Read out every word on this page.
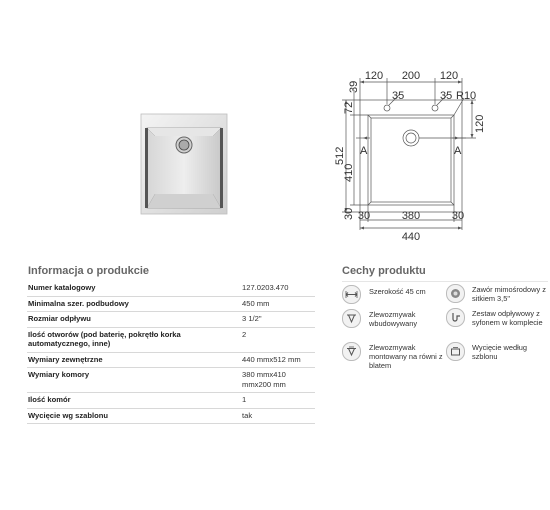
120 200 120
39
72
35	35 R10
120
512
410
30
A	A
30	380	30
440
Informacja o produkcie
Numer katalogowy	127.0203.470
Minimalna szer. podbudowy	450 mm
Rozmiar odpływu	3 1/2"
Ilość otworów (pod baterię, pokrętło korka automatycznego, inne)	2
Wymiary zewnętrzne	440 mmx512 mm
Wymiary komory	380 mmx410 mmx200 mm
Ilość komór	1
Wycięcie wg szablonu	tak
Cechy produktu
Szerokość 45 cm	Zawór mimośrodowy z sitkiem 3,5"
Zlewozmywak wbudowywany
Zestaw odpływowy z syfonem w komplecie
Zlewozmywak montowany na równi z blatem
Wycięcie według szblonu
